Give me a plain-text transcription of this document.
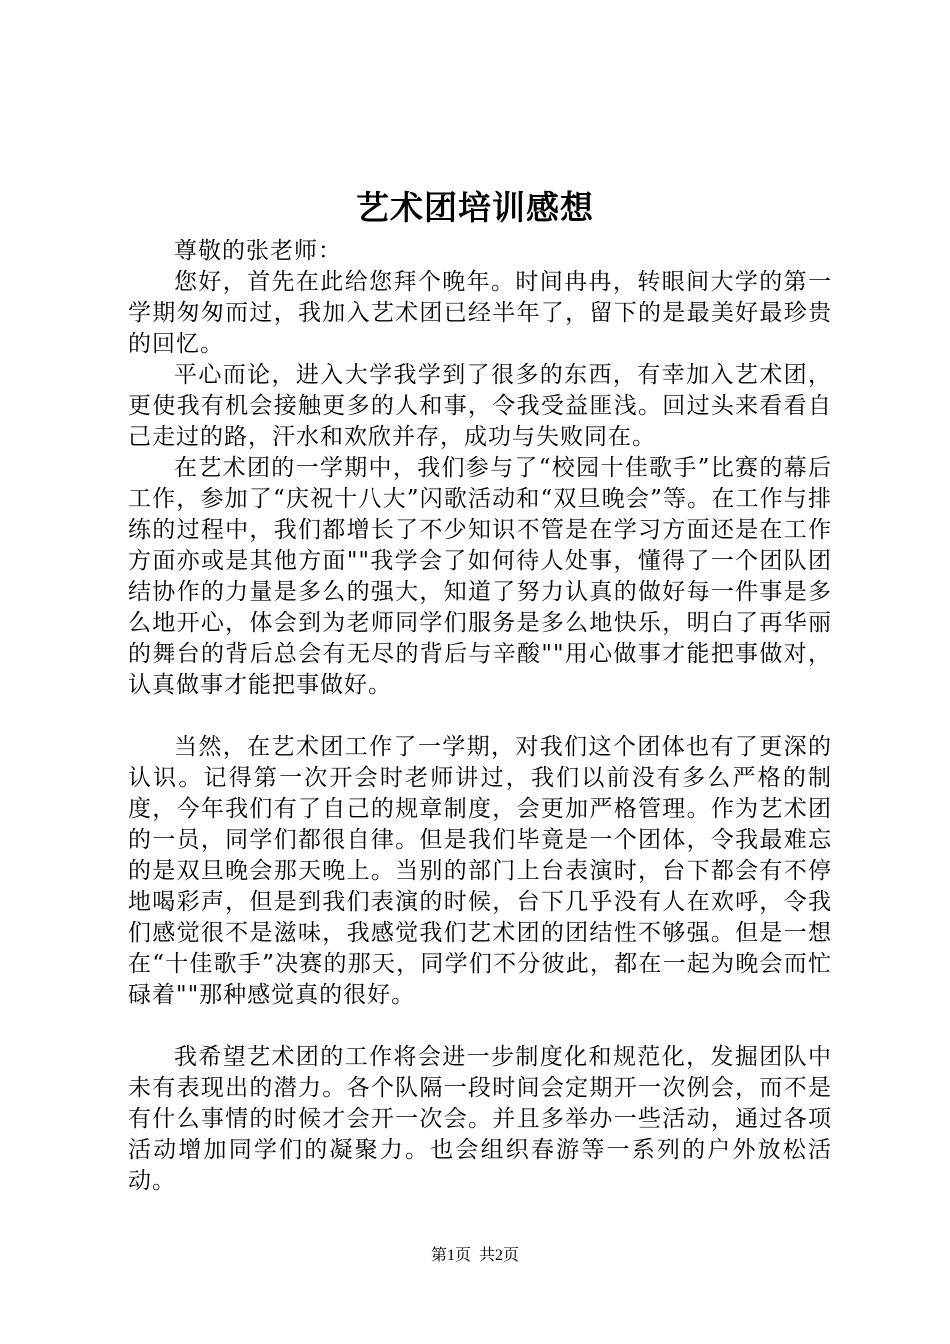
艺术团培训感想

尊敬的张老师：

您好，首先在此给您拜个晚年。时间冉冉，转眼间大学的第一学期匆匆而过，我加入艺术团已经半年了，留下的是最美好最珍贵的回忆。

平心而论，进入大学我学到了很多的东西，有幸加入艺术团，更使我有机会接触更多的人和事，令我受益匪浅。回过头来看看自己走过的路，汗水和欢欣并存，成功与失败同在。

在艺术团的一学期中，我们参与了“校园十佳歌手”比赛的幕后工作，参加了“庆祝十八大”闪歌活动和“双旦晚会”等。在工作与排练的过程中，我们都增长了不少知识不管是在学习方面还是在工作方面亦或是其他方面""我学会了如何待人处事，懂得了一个团队团结协作的力量是多么的强大，知道了努力认真的做好每一件事是多么地开心，体会到为老师同学们服务是多么地快乐，明白了再华丽的舞台的背后总会有无尽的背后与辛酸""用心做事才能把事做对，认真做事才能把事做好。

当然，在艺术团工作了一学期，对我们这个团体也有了更深的认识。记得第一次开会时老师讲过，我们以前没有多么严格的制度，今年我们有了自己的规章制度，会更加严格管理。作为艺术团的一员，同学们都很自律。但是我们毕竟是一个团体，令我最难忘的是双旦晚会那天晚上。当别的部门上台表演时，台下都会有不停地喝彩声，但是到我们表演的时候，台下几乎没有人在欢呼，令我们感觉很不是滋味，我感觉我们艺术团的团结性不够强。但是一想在“十佳歌手”决赛的那天，同学们不分彼此，都在一起为晚会而忙碌着""那种感觉真的很好。

我希望艺术团的工作将会进一步制度化和规范化，发掘团队中未有表现出的潜力。各个队隔一段时间会定期开一次例会，而不是有什么事情的时候才会开一次会。并且多举办一些活动，通过各项活动增加同学们的凝聚力。也会组织春游等一系列的户外放松活动。

第1页 共2页
